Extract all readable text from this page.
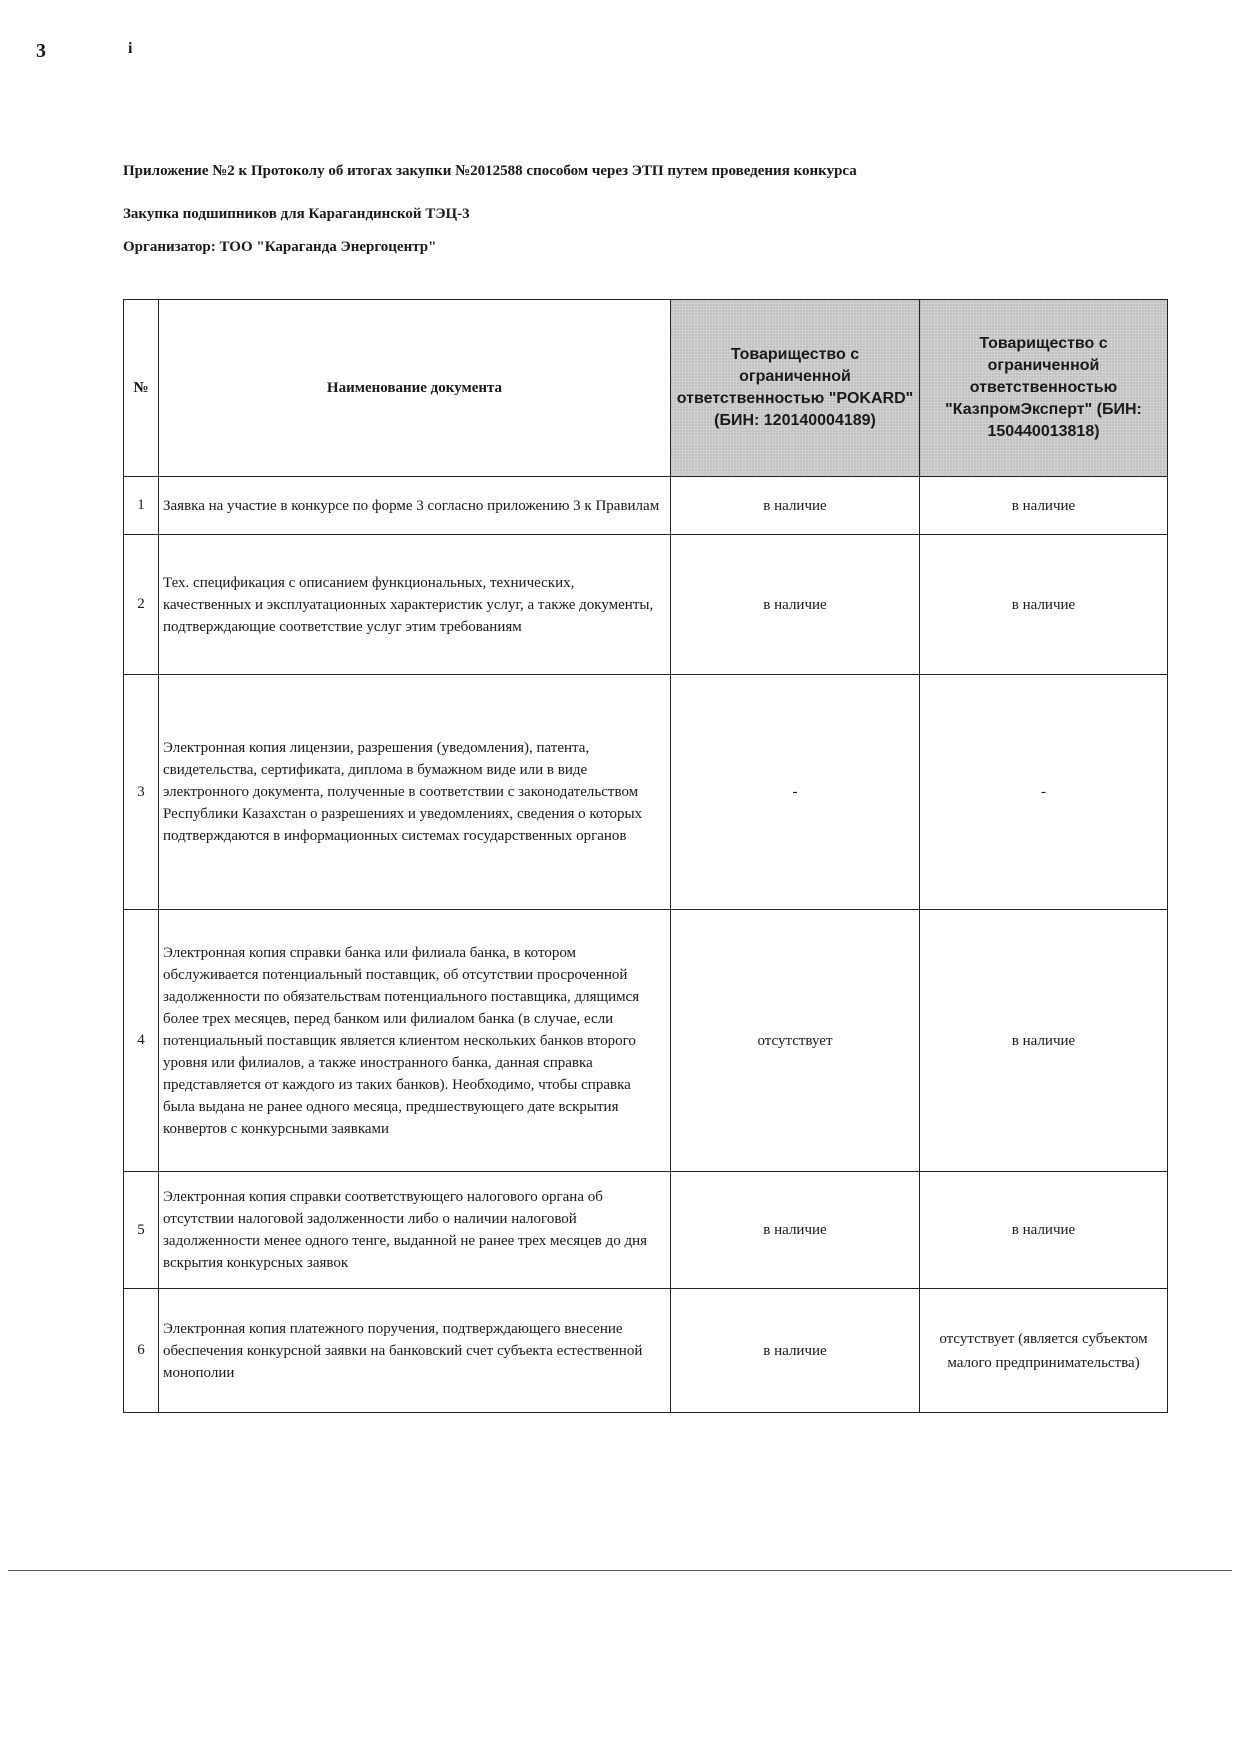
3	i

Приложение №2 к Протоколу об итогах закупки №2012588 способом через ЭТП путем проведения конкурса

Закупка подшипников для Карагандинской ТЭЦ-3

Организатор: ТОО "Караганда Энергоцентр"

№	Наименование документа	Товарищество с ограниченной ответственностью "POKARD" (БИН: 120140004189)	Товарищество с ограниченной ответственностью "КазпромЭксперт" (БИН: 150440013818)
1	Заявка на участие в конкурсе по форме 3 согласно приложению 3 к Правилам	в наличие	в наличие
2	Тех. спецификация с описанием функциональных, технических, качественных и эксплуатационных характеристик услуг, а также документы, подтверждающие соответствие услуг этим требованиям	в наличие	в наличие
3	Электронная копия лицензии, разрешения (уведомления), патента, свидетельства, сертификата, диплома в бумажном виде или в виде электронного документа, полученные в соответствии с законодательством Республики Казахстан о разрешениях и уведомлениях, сведения о которых подтверждаются в информационных системах государственных органов	-	-
4	Электронная копия справки банка или филиала банка, в котором обслуживается потенциальный поставщик, об отсутствии просроченной задолженности по обязательствам потенциального поставщика, длящимся более трех месяцев, перед банком или филиалом банка (в случае, если потенциальный поставщик является клиентом нескольких банков второго уровня или филиалов, а также иностранного банка, данная справка представляется от каждого из таких банков). Необходимо, чтобы справка была выдана не ранее одного месяца, предшествующего дате вскрытия конвертов с конкурсными заявками	отсутствует	в наличие
5	Электронная копия справки соответствующего налогового органа об отсутствии налоговой задолженности либо о наличии налоговой задолженности менее одного тенге, выданной не ранее трех месяцев до дня вскрытия конкурсных заявок	в наличие	в наличие
6	Электронная копия платежного поручения, подтверждающего внесение обеспечения конкурсной заявки на банковский счет субъекта естественной монополии	в наличие	отсутствует (является субъектом малого предпринимательства)
